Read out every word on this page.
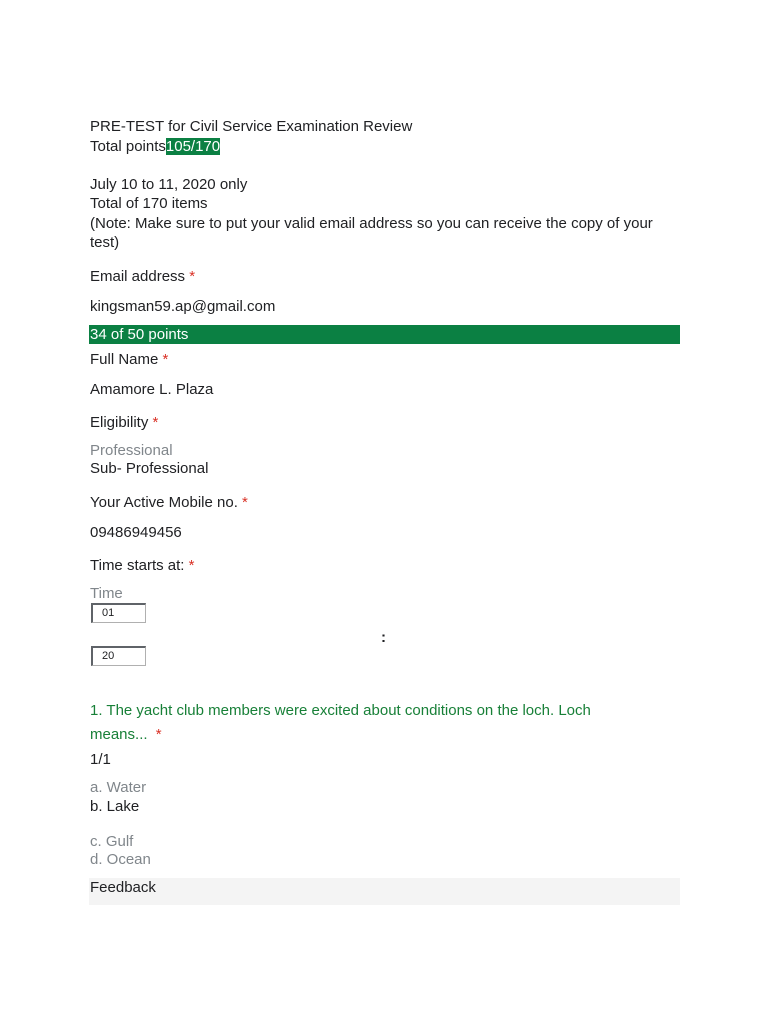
PRE-TEST for Civil Service Examination Review
Total points105/170
July 10 to 11, 2020 only
Total of 170 items
(Note: Make sure to put your valid email address so you can receive the copy of your
test)
Email address *
kingsman59.ap@gmail.com
34 of 50 points
Full Name *
Amamore L. Plaza
Eligibility *
Professional
Sub- Professional
Your Active Mobile no. *
09486949456
Time starts at: *
Time
01
:
20
1. The yacht club members were excited about conditions on the loch. Loch
means... *
1/1
a. Water
b. Lake
c. Gulf
d. Ocean
Feedback
